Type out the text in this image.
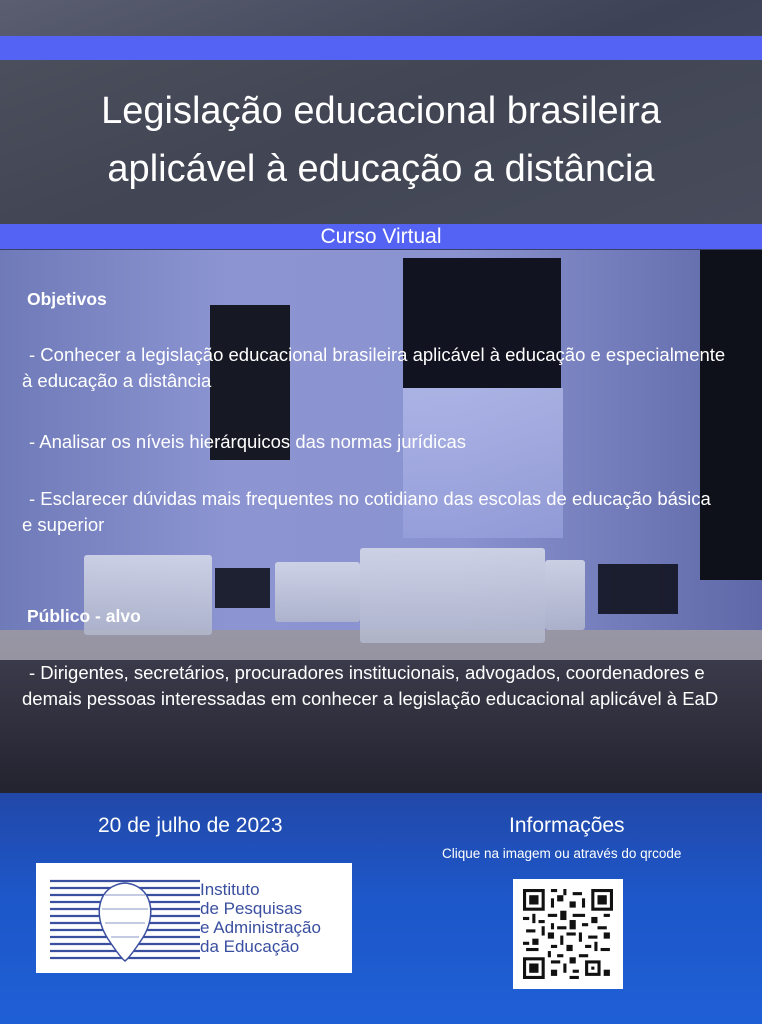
Legislação educacional brasileira
aplicável à educação a distância
Curso Virtual
Objetivos
- Conhecer a legislação educacional brasileira aplicável à educação e especialmente
à educação a distância
- Analisar os níveis hierárquicos das normas jurídicas
- Esclarecer dúvidas mais frequentes no cotidiano das escolas de educação básica
e superior
Público - alvo
- Dirigentes, secretários, procuradores institucionais, advogados, coordenadores e
demais pessoas interessadas em conhecer a legislação educacional aplicável à EaD
20 de julho de 2023	Informações
Clique na imagem ou através do qrcode
Instituto
de Pesquisas
e Administração
da Educação
